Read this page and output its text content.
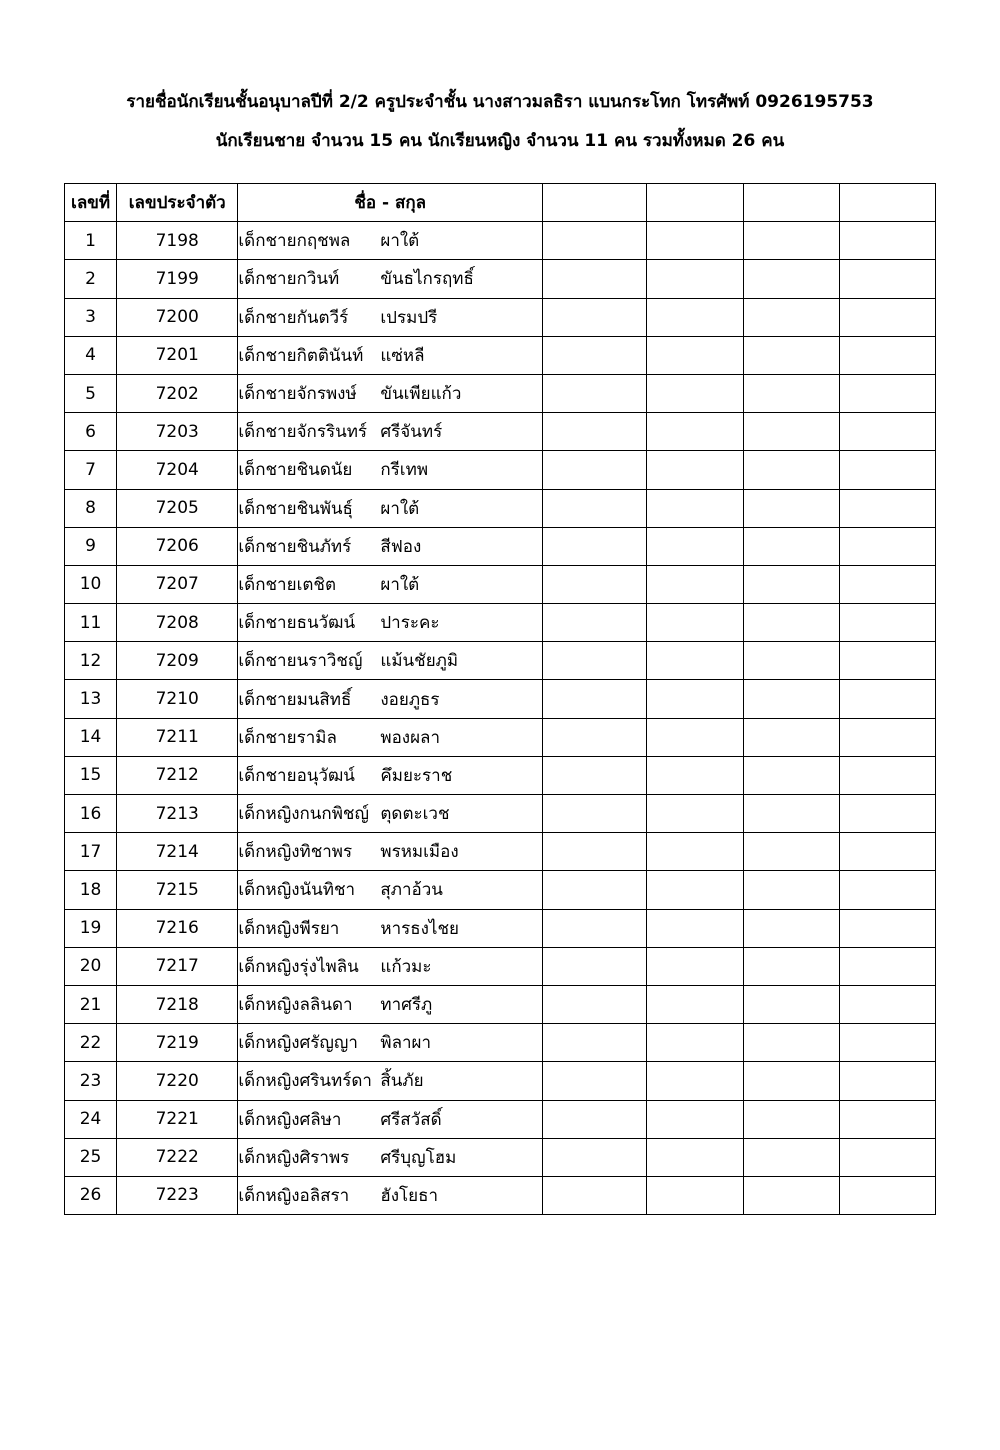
รายชื่อนักเรียนชั้นอนุบาลปีที่ 2/2 ครูประจำชั้น นางสาวมลธิรา แบนกระโทก โทรศัพท์ 0926195753
นักเรียนชาย จำนวน 15 คน นักเรียนหญิง จำนวน 11 คน รวมทั้งหมด 26 คน
เลขที่	เลขประจำตัว	ชื่อ - สกุล				
1	7198	เด็กชายกฤชพล ผาใต้				
2	7199	เด็กชายกวินท์ ขันธไกรฤทธิ์				
3	7200	เด็กชายกันตวีร์ เปรมปรี				
4	7201	เด็กชายกิตตินันท์ แซ่หลี				
5	7202	เด็กชายจักรพงษ์ ขันเพียแก้ว				
6	7203	เด็กชายจักรรินทร์ ศรีจันทร์				
7	7204	เด็กชายชินดนัย กรีเทพ				
8	7205	เด็กชายชินพันธุ์ ผาใต้				
9	7206	เด็กชายชินภัทร์ สีฟอง				
10	7207	เด็กชายเตชิต ผาใต้				
11	7208	เด็กชายธนวัฒน์ ปาระคะ				
12	7209	เด็กชายนราวิชญ์ แม้นชัยภูมิ				
13	7210	เด็กชายมนสิทธิ์ งอยภูธร				
14	7211	เด็กชายรามิล พองผลา				
15	7212	เด็กชายอนุวัฒน์ คึมยะราช				
16	7213	เด็กหญิงกนกพิชญ์ ตุดตะเวช				
17	7214	เด็กหญิงทิชาพร พรหมเมือง				
18	7215	เด็กหญิงนันทิชา สุภาอ้วน				
19	7216	เด็กหญิงพีรยา หารธงไชย				
20	7217	เด็กหญิงรุ่งไพลิน แก้วมะ				
21	7218	เด็กหญิงลลินดา ทาศรีภู				
22	7219	เด็กหญิงศรัญญา พิลาผา				
23	7220	เด็กหญิงศรินทร์ดา สิ้นภัย				
24	7221	เด็กหญิงศลิษา ศรีสวัสดิ์				
25	7222	เด็กหญิงศิราพร ศรีบุญโฮม				
26	7223	เด็กหญิงอลิสรา ฮังโยธา				
